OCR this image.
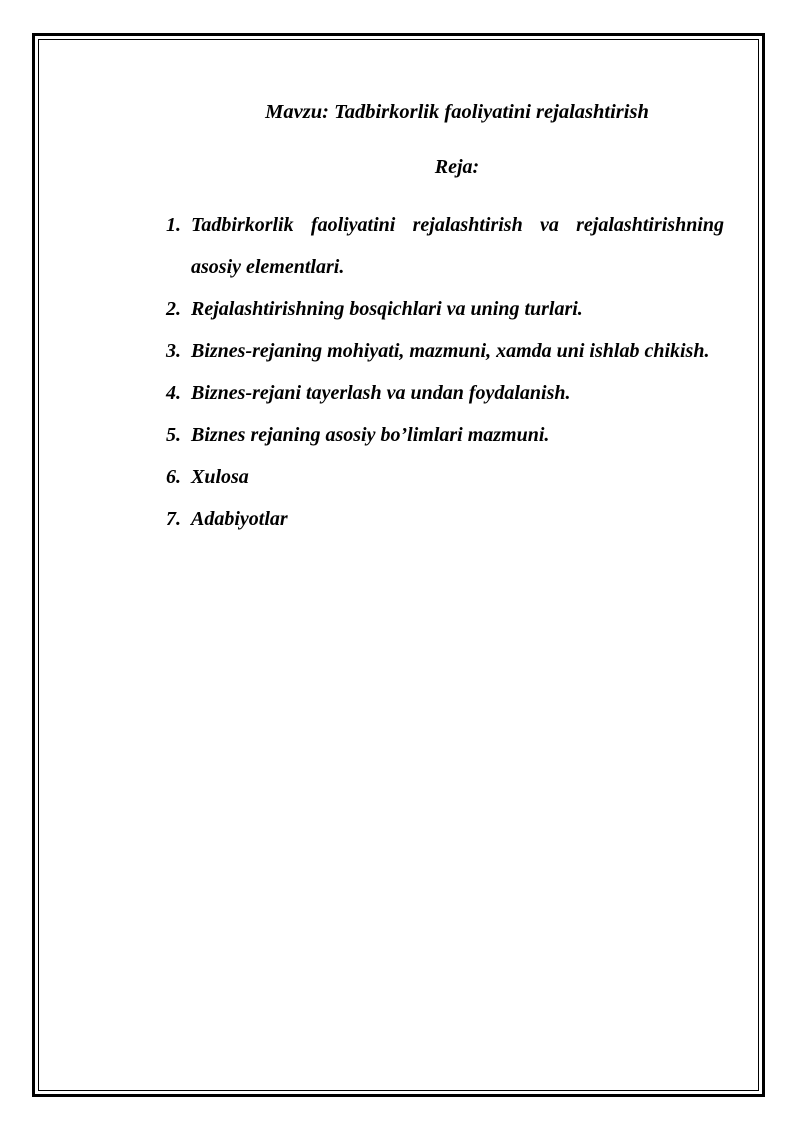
Mavzu: Tadbirkorlik faoliyatini rejalashtirish

Reja:

1. Tadbirkorlik faoliyatini rejalashtirish va rejalashtirishning asosiy elementlari.
2. Rejalashtirishning bosqichlari va uning turlari.
3. Biznes-rejaning mohiyati, mazmuni, xamda uni ishlab chikish.
4. Biznes-rejani tayerlash va undan foydalanish.
5. Biznes rejaning asosiy bo’limlari mazmuni.
6. Xulosa
7. Adabiyotlar
